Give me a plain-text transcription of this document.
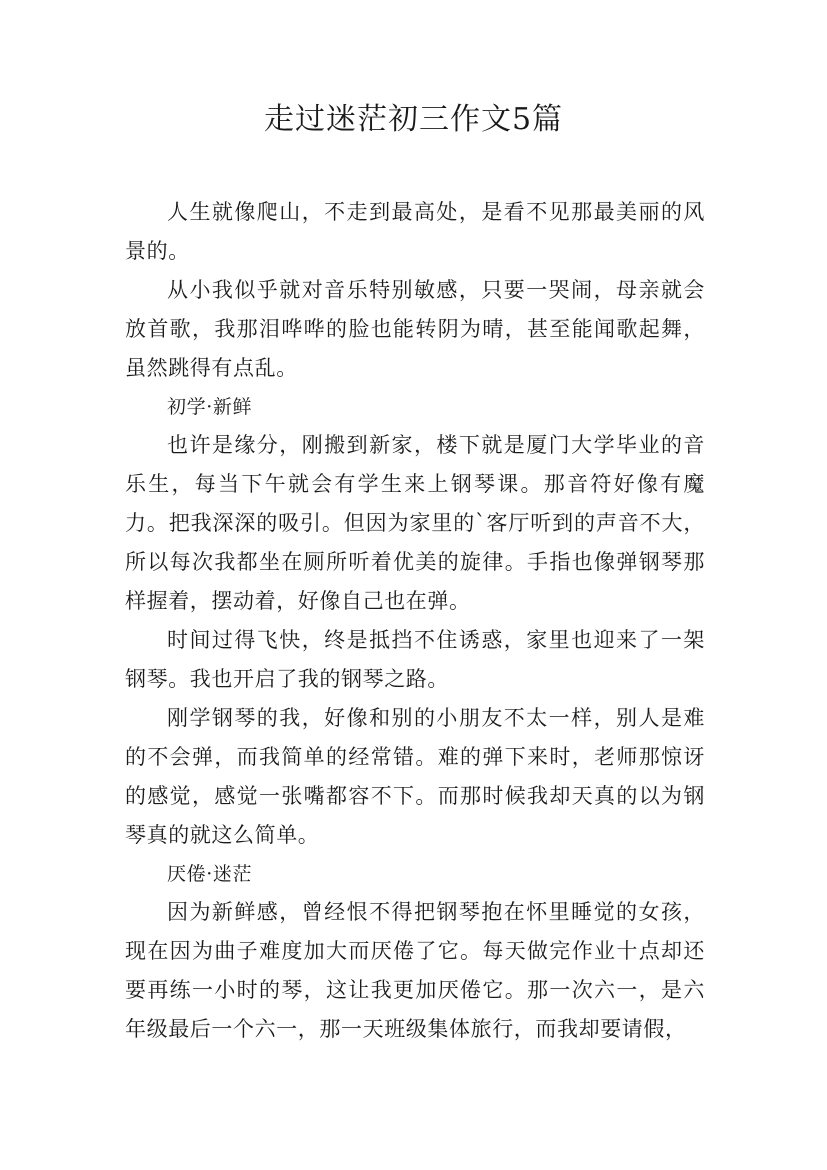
走过迷茫初三作文5篇

人生就像爬山，不走到最高处，是看不见那最美丽的风景的。

从小我似乎就对音乐特别敏感，只要一哭闹，母亲就会放首歌，我那泪哗哗的脸也能转阴为晴，甚至能闻歌起舞，虽然跳得有点乱。

初学·新鲜

也许是缘分，刚搬到新家，楼下就是厦门大学毕业的音乐生，每当下午就会有学生来上钢琴课。那音符好像有魔力。把我深深的吸引。但因为家里的`客厅听到的声音不大，所以每次我都坐在厕所听着优美的旋律。手指也像弹钢琴那样握着，摆动着，好像自己也在弹。

时间过得飞快，终是抵挡不住诱惑，家里也迎来了一架钢琴。我也开启了我的钢琴之路。

刚学钢琴的我，好像和别的小朋友不太一样，别人是难的不会弹，而我简单的经常错。难的弹下来时，老师那惊讶的感觉，感觉一张嘴都容不下。而那时候我却天真的以为钢琴真的就这么简单。

厌倦·迷茫

因为新鲜感，曾经恨不得把钢琴抱在怀里睡觉的女孩，现在因为曲子难度加大而厌倦了它。每天做完作业十点却还要再练一小时的琴，这让我更加厌倦它。那一次六一，是六年级最后一个六一，那一天班级集体旅行，而我却要请假，
